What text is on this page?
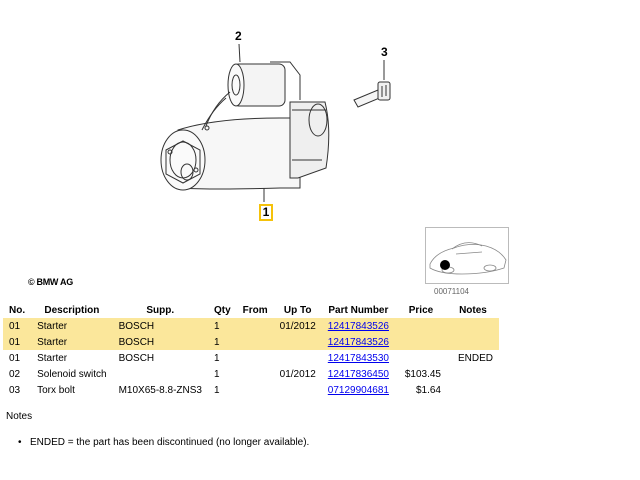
2
3
1
© BMW AG
00071104
No.	Description	Supp.	Qty	From	Up To	Part Number	Price	Notes
01	Starter	BOSCH	1		01/2012	12417843526		
01	Starter	BOSCH	1			12417843526		
01	Starter	BOSCH	1			12417843530		ENDED
02	Solenoid switch		1		01/2012	12417836450	$103.45	
03	Torx bolt	M10X65-8.8-ZNS3	1			07129904681	$1.64	
Notes
• ENDED = the part has been discontinued (no longer available).
